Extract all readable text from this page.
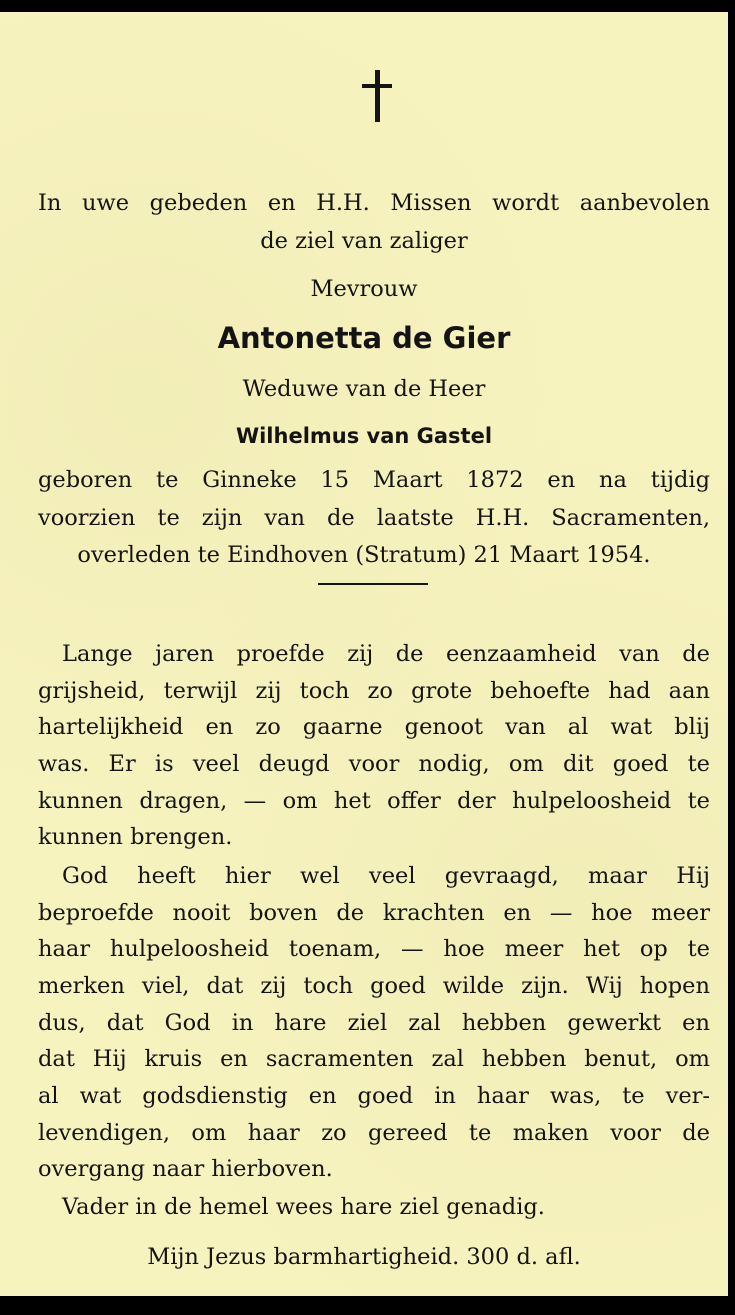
In uwe gebeden en H.H. Missen wordt aanbevolen
de ziel van zaliger
Mevrouw
Antonetta de Gier
Weduwe van de Heer
Wilhelmus van Gastel
geboren te Ginneke 15 Maart 1872 en na tijdig
voorzien te zijn van de laatste H.H. Sacramenten,
overleden te Eindhoven (Stratum) 21 Maart 1954.
Lange jaren proefde zij de eenzaamheid van de
grijsheid, terwijl zij toch zo grote behoefte had aan
hartelijkheid en zo gaarne genoot van al wat blij
was. Er is veel deugd voor nodig, om dit goed te
kunnen dragen, — om het offer der hulpeloosheid te
kunnen brengen.
God heeft hier wel veel gevraagd, maar Hij
beproefde nooit boven de krachten en — hoe meer
haar hulpeloosheid toenam, — hoe meer het op te
merken viel, dat zij toch goed wilde zijn. Wij hopen
dus, dat God in hare ziel zal hebben gewerkt en
dat Hij kruis en sacramenten zal hebben benut, om
al wat godsdienstig en goed in haar was, te ver-
levendigen, om haar zo gereed te maken voor de
overgang naar hierboven.
Vader in de hemel wees hare ziel genadig.
Mijn Jezus barmhartigheid. 300 d. afl.
